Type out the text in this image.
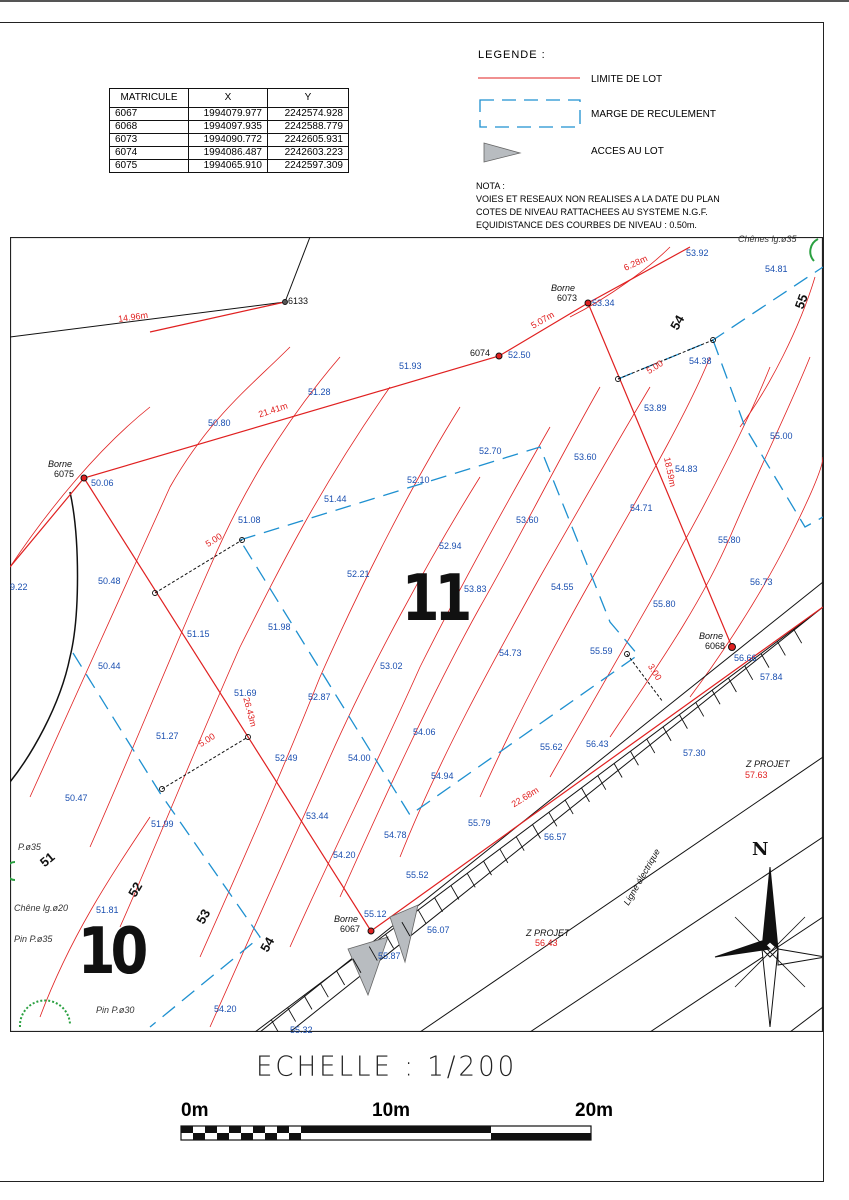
MATRICULE	X	Y
6067	1994079.977	2242574.928
6068	1994097.935	2242588.779
6073	1994090.772	2242605.931
6074	1994086.487	2242603.223
6075	1994065.910	2242597.309
LEGENDE :
LIMITE DE LOT
MARGE DE RECULEMENT
ACCES AU LOT
NOTA :
VOIES ET RESEAUX NON REALISES A LA DATE DU PLAN
COTES DE NIVEAU RATTACHEES AU SYSTEME N.G.F.
EQUIDISTANCE DES COURBES DE NIVEAU : 0.50m.
53.92
54.81
53.34
52.50
51.93
51.28
50.80
50.06
54.38
53.89
55.00
52.70
53.60
54.83
52.10
51.44
53.60
54.71
51.08
52.94
55.80
50.48
52.21
53.83	54.55
55.80
56.73
51.15
51.98
54.73	55.59
56.66
50.44
51.69
53.02
57.84
52.87
51.27	54.06
55.62	56.43
52.49	54.00	57.30
54.94
50.47
53.44
54.78
55.79
56.57
51.99
54.20
55.52
51.81	55.12
56.07
55.87
54.20
55.32
9.22
Borne
6075
Borne
6073
Borne
6068
Borne
6067
6074
6133
14.96m
21.41m
5.07m
6.28m
18.59m
26.43m
22.68m
5.00
5.00
5.00
3.00
54
55
51
52
53
54
11
10
Chênes lg.ø35
P.ø35
Chêne lg.ø20
Pin P.ø35
Pin P.ø30
Z PROJET
57.63
Z PROJET
56.43
Ligne électrique	N
ECHELLE : 1/200
0m	10m	20m
